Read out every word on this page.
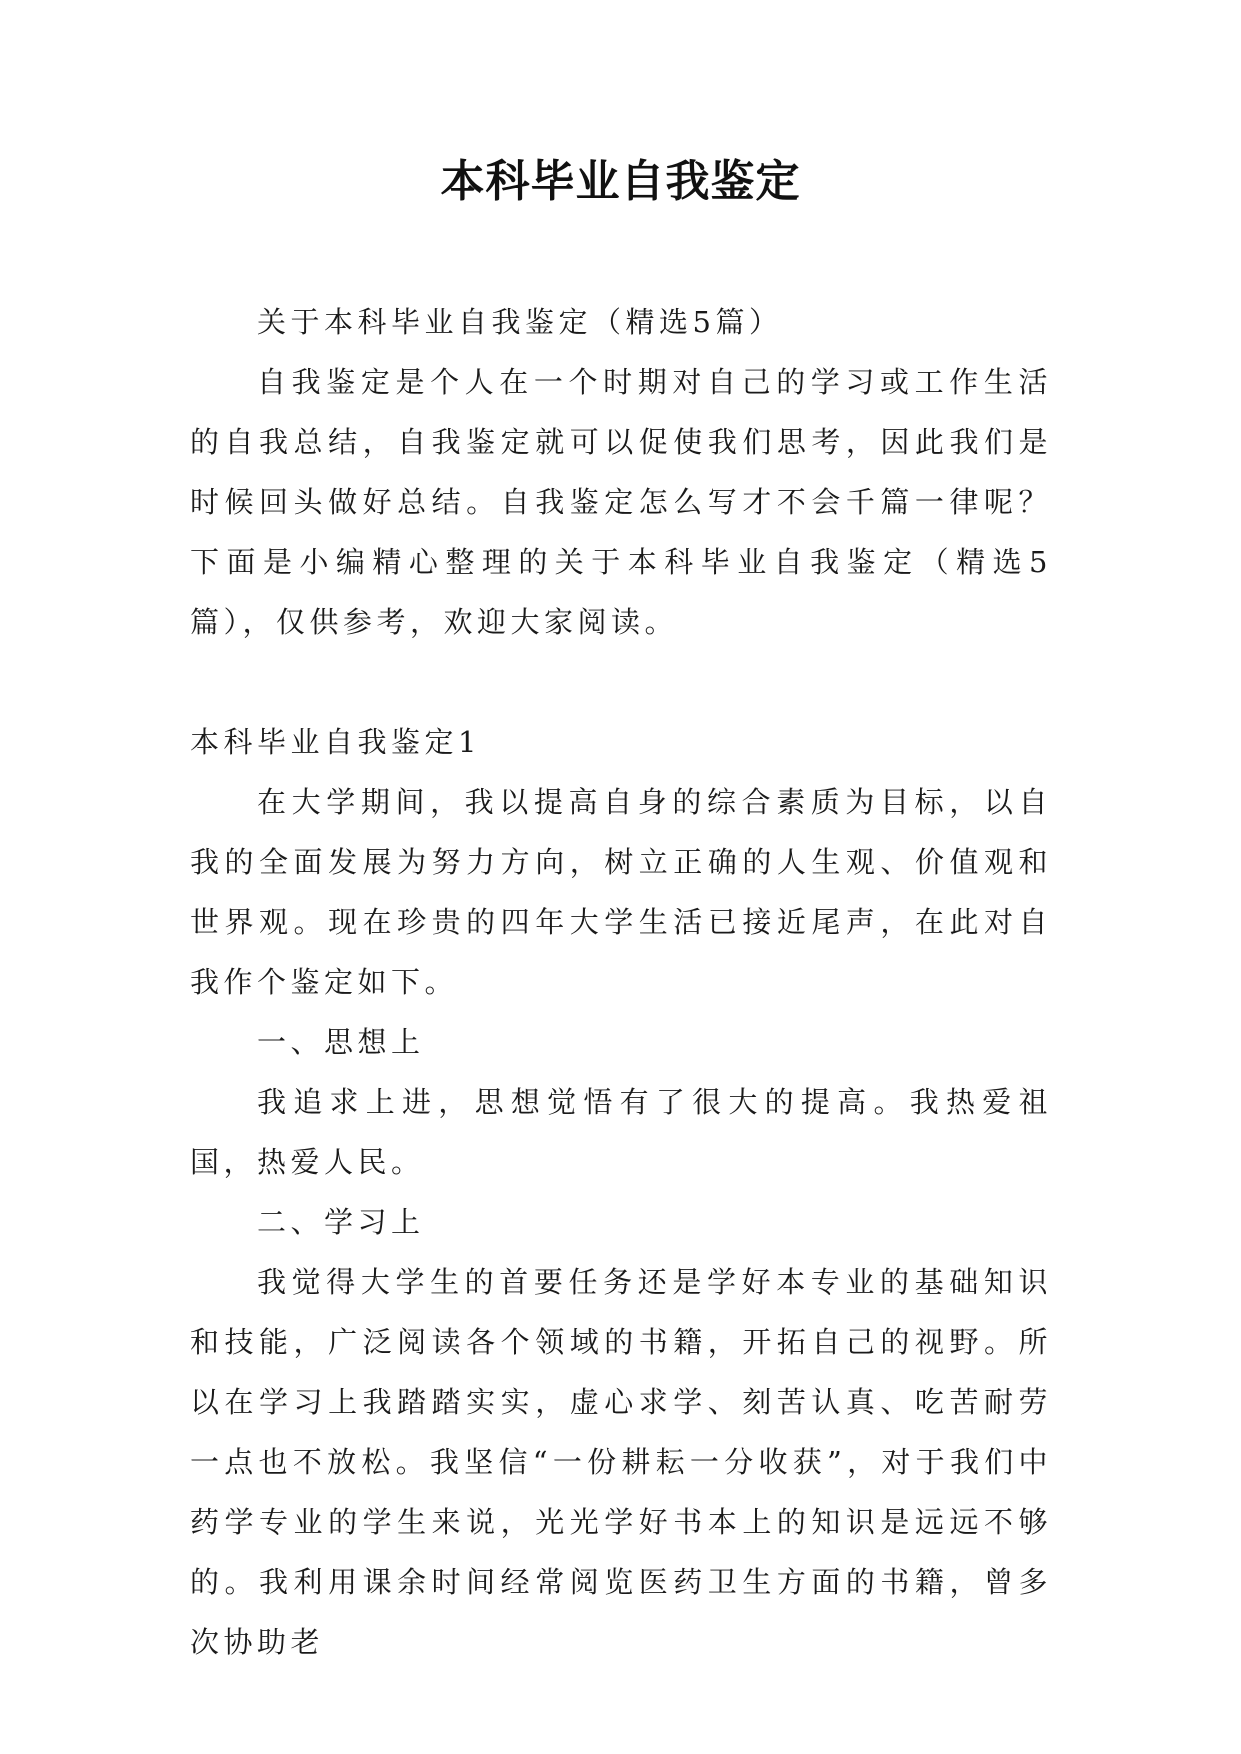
本科毕业自我鉴定

关于本科毕业自我鉴定（精选5篇）

自我鉴定是个人在一个时期对自己的学习或工作生活的自我总结，自我鉴定就可以促使我们思考，因此我们是时候回头做好总结。自我鉴定怎么写才不会千篇一律呢？下面是小编精心整理的关于本科毕业自我鉴定（精选5篇），仅供参考，欢迎大家阅读。

本科毕业自我鉴定1

在大学期间，我以提高自身的综合素质为目标，以自我的全面发展为努力方向，树立正确的人生观、价值观和世界观。现在珍贵的四年大学生活已接近尾声，在此对自我作个鉴定如下。

一、思想上

我追求上进，思想觉悟有了很大的提高。我热爱祖国，热爱人民。

二、学习上

我觉得大学生的首要任务还是学好本专业的基础知识和技能，广泛阅读各个领域的书籍，开拓自己的视野。所以在学习上我踏踏实实，虚心求学、刻苦认真、吃苦耐劳一点也不放松。我坚信“一份耕耘一分收获”，对于我们中药学专业的学生来说，光光学好书本上的知识是远远不够的。我利用课余时间经常阅览医药卫生方面的书籍，曾多次协助老
